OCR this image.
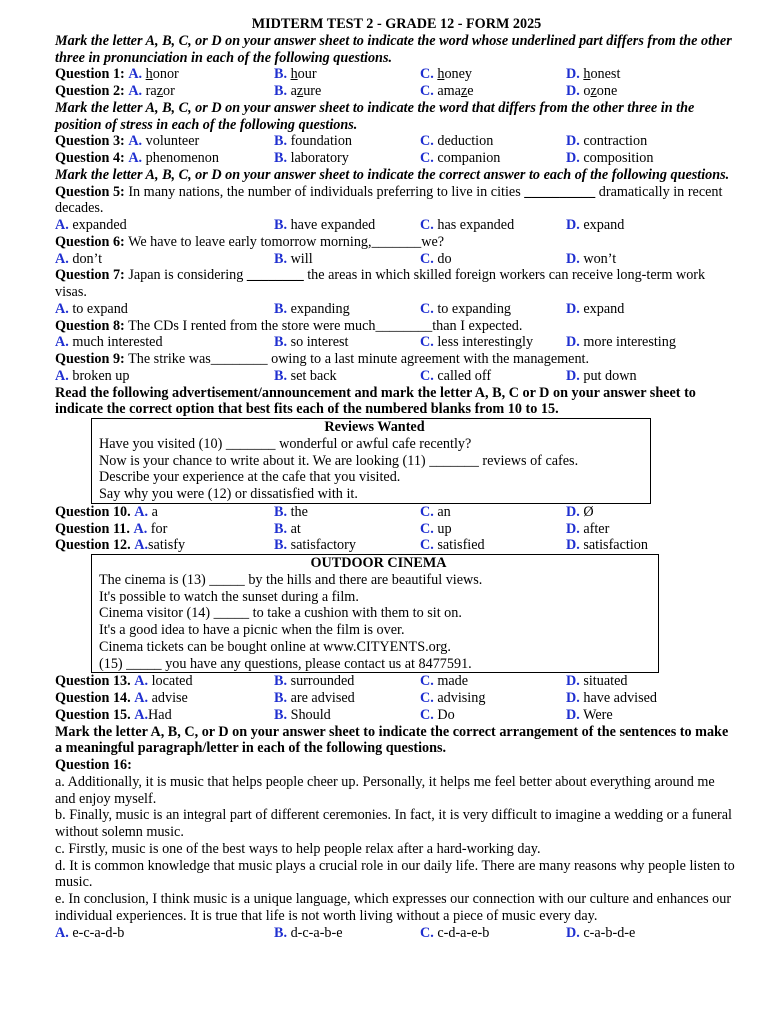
MIDTERM TEST 2 - GRADE 12 - FORM 2025

Mark the letter A, B, C, or D on your answer sheet to indicate the word whose underlined part differs from the other three in pronunciation in each of the following questions.

Question 1: A. honor	B. hour	C. honey	D. honest
Question 2: A. razor	B. azure	C. amaze	D. ozone

Mark the letter A, B, C, or D on your answer sheet to indicate the word that differs from the other three in the position of stress in each of the following questions.

Question 3: A. volunteer	B. foundation	C. deduction	D. contraction
Question 4: A. phenomenon	B. laboratory	C. companion	D. composition

Mark the letter A, B, C, or D on your answer sheet to indicate the correct answer to each of the following questions.

Question 5: In many nations, the number of individuals preferring to live in cities __________ dramatically in recent decades.

A. expanded	B. have expanded	C. has expanded	D. expand

Question 6: We have to leave early tomorrow morning,_______we?

A. don’t	B. will	C. do	D. won’t

Question 7: Japan is considering ________ the areas in which skilled foreign workers can receive long-term work visas.

A. to expand	B. expanding	C. to expanding	D. expand

Question 8: The CDs I rented from the store were much________than I expected.

A. much interested	B. so interest	C. less interestingly	D. more interesting

Question 9: The strike was________ owing to a last minute agreement with the management.

A. broken up	B. set back	C. called off	D. put down

Read the following advertisement/announcement and mark the letter A, B, C or D on your answer sheet to indicate the correct option that best fits each of the numbered blanks from 10 to 15.

Reviews Wanted
Have you visited (10) _______ wonderful or awful cafe recently?
Now is your chance to write about it. We are looking (11) _______ reviews of cafes.
Describe your experience at the cafe that you visited.
Say why you were (12) or dissatisfied with it.
Question 10. A. a	B. the	C. an	D. Ø
Question 11. A. for	B. at	C. up	D. after
Question 12. A.satisfy	B. satisfactory	C. satisfied	D. satisfaction
OUTDOOR CINEMA
The cinema is (13) _____ by the hills and there are beautiful views.
It's possible to watch the sunset during a film.
Cinema visitor (14) _____ to take a cushion with them to sit on.
It's a good idea to have a picnic when the film is over.
Cinema tickets can be bought online at www.CITYENTS.org.
(15) _____ you have any questions, please contact us at 8477591.
Question 13. A. located	B. surrounded	C. made	D. situated
Question 14. A. advise	B. are advised	C. advising	D. have advised
Question 15. A.Had	B. Should	C. Do	D. Were

Mark the letter A, B, C, or D on your answer sheet to indicate the correct arrangement of the sentences to make a meaningful paragraph/letter in each of the following questions.

Question 16:

a. Additionally, it is music that helps people cheer up. Personally, it helps me feel better about everything around me and enjoy myself.

b. Finally, music is an integral part of different ceremonies. In fact, it is very difficult to imagine a wedding or a funeral without solemn music.

c. Firstly, music is one of the best ways to help people relax after a hard-working day.

d. It is common knowledge that music plays a crucial role in our daily life. There are many reasons why people listen to music.

e. In conclusion, I think music is a unique language, which expresses our connection with our culture and enhances our individual experiences. It is true that life is not worth living without a piece of music every day.

A. e-c-a-d-b	B. d-c-a-b-e	C. c-d-a-e-b	D. c-a-b-d-e
